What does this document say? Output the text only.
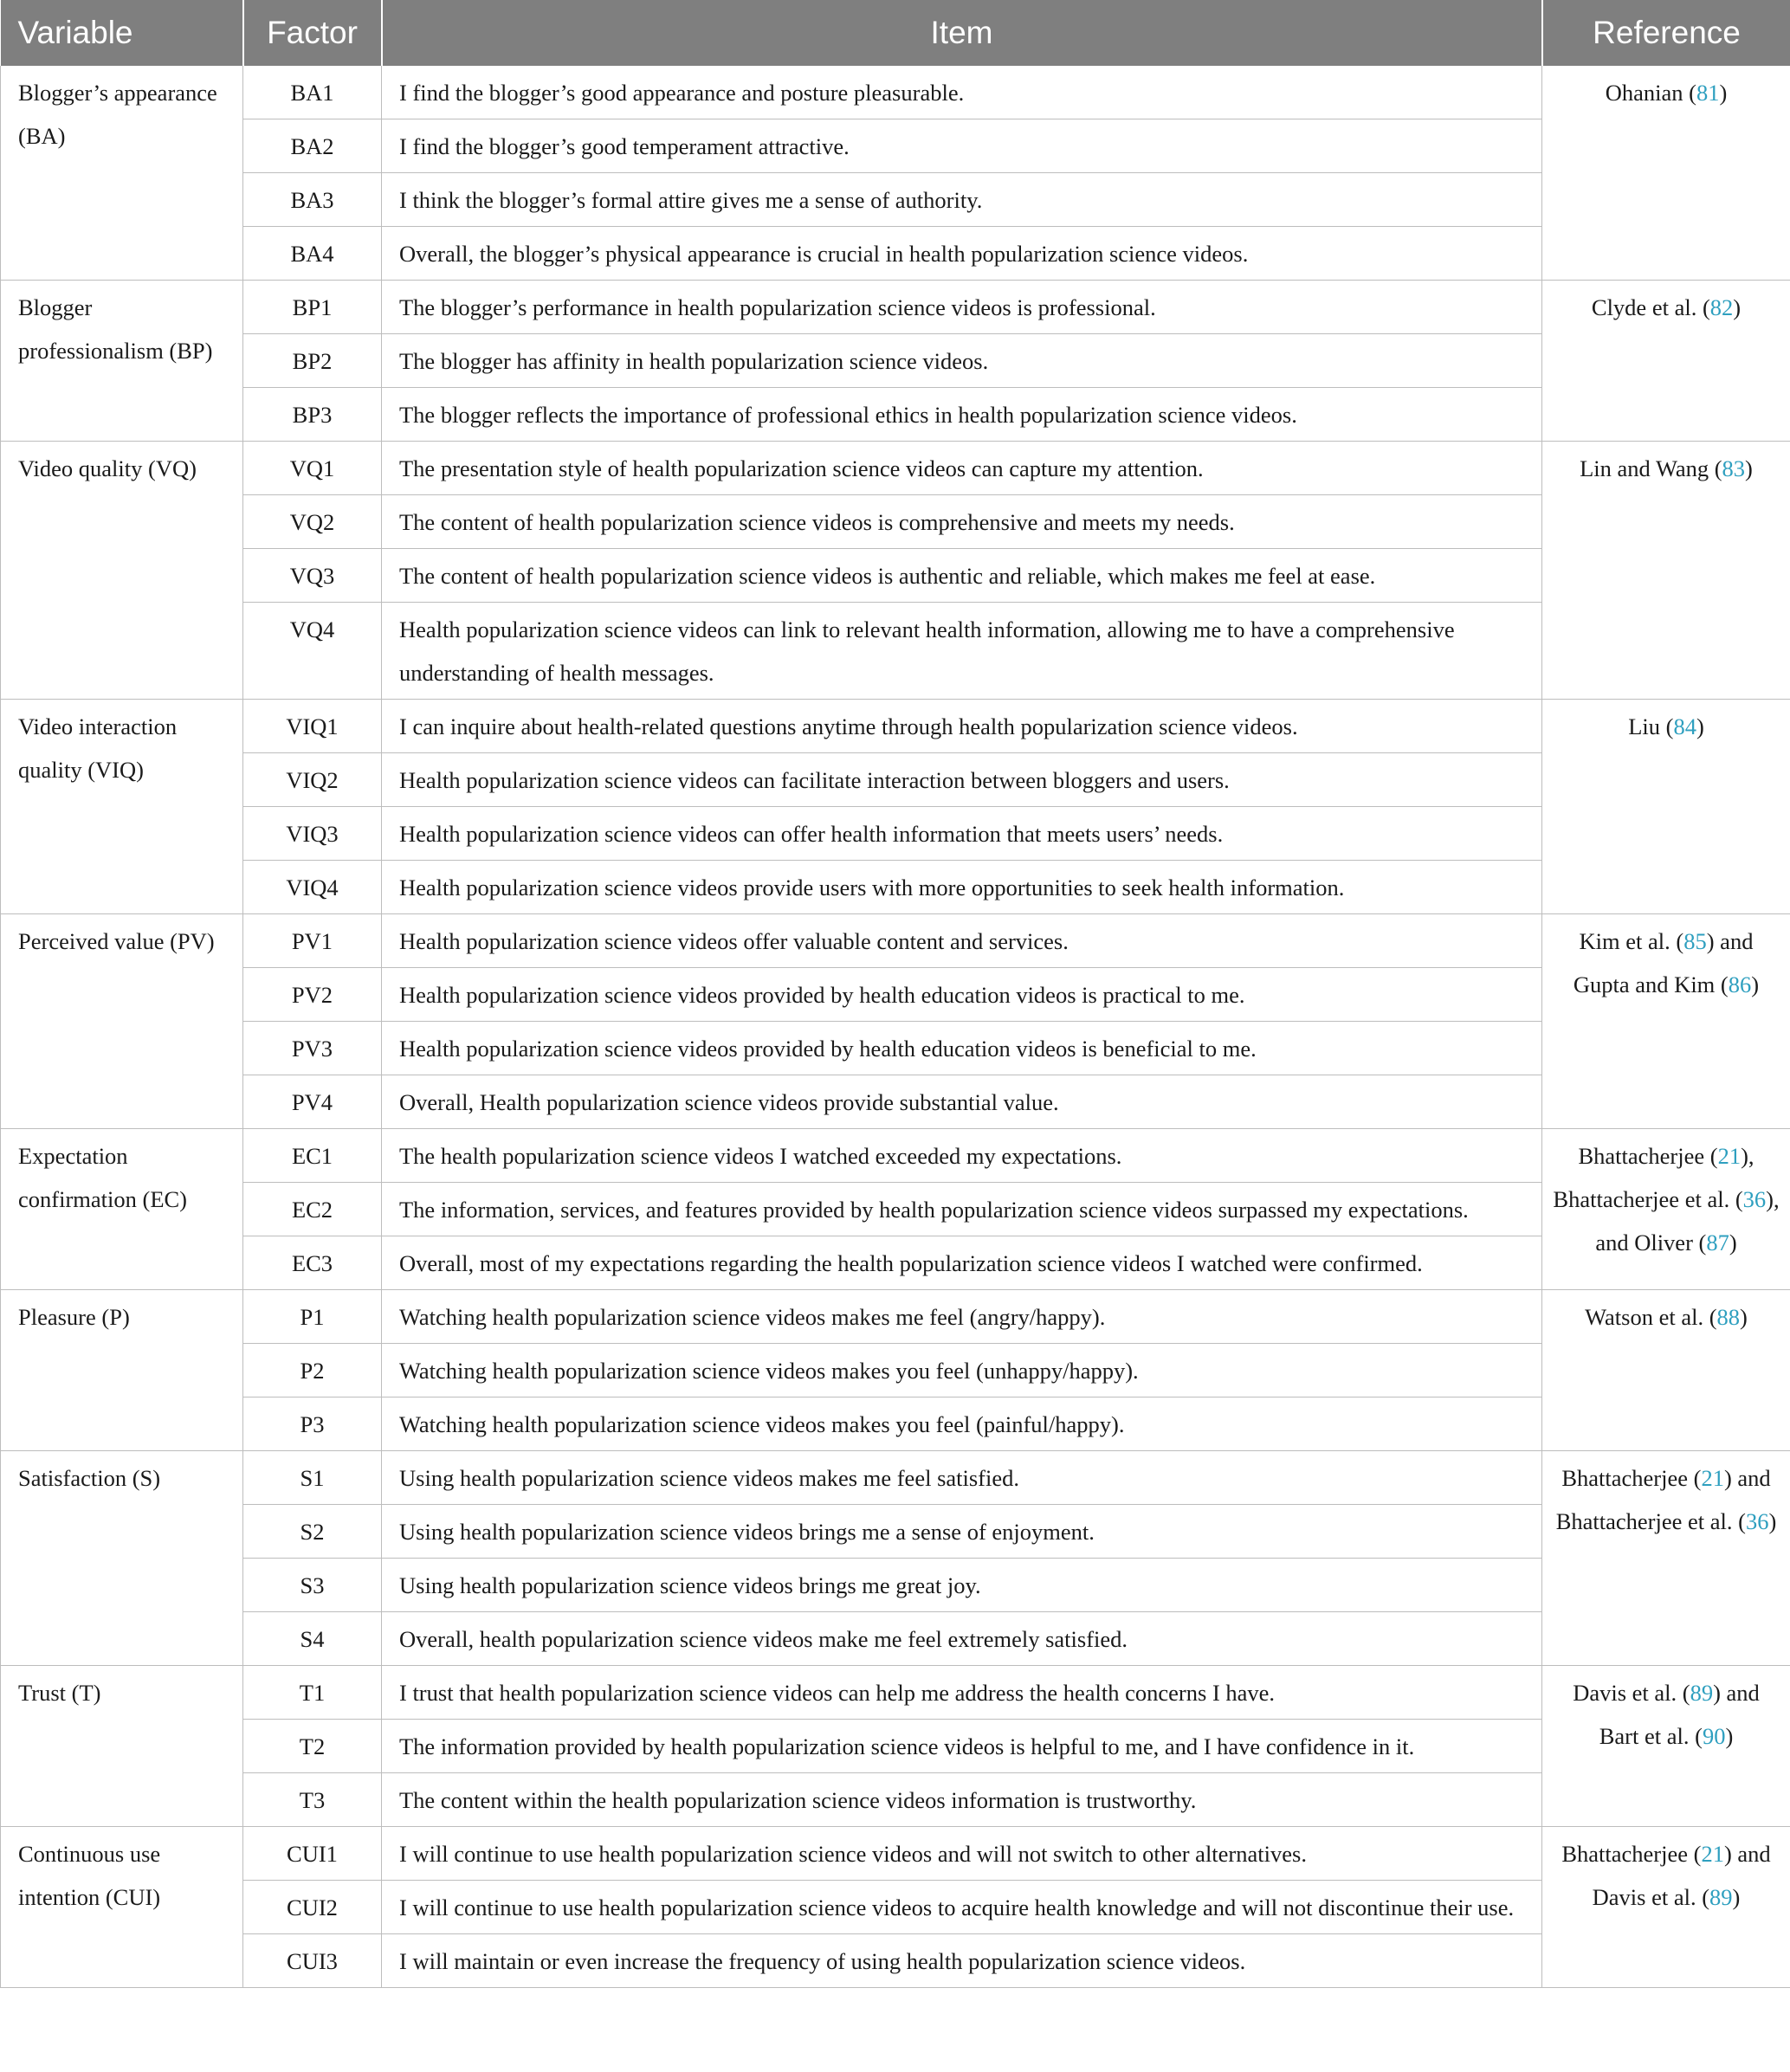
Variable	Factor	Item	Reference
Blogger’s appearance (BA)	BA1	I find the blogger’s good appearance and posture pleasurable.	Ohanian (81)
	BA2	I find the blogger’s good temperament attractive.	
	BA3	I think the blogger’s formal attire gives me a sense of authority.	
	BA4	Overall, the blogger’s physical appearance is crucial in health popularization science videos.	
Blogger professionalism (BP)	BP1	The blogger’s performance in health popularization science videos is professional.	Clyde et al. (82)
	BP2	The blogger has affinity in health popularization science videos.	
	BP3	The blogger reflects the importance of professional ethics in health popularization science videos.	
Video quality (VQ)	VQ1	The presentation style of health popularization science videos can capture my attention.	Lin and Wang (83)
	VQ2	The content of health popularization science videos is comprehensive and meets my needs.	
	VQ3	The content of health popularization science videos is authentic and reliable, which makes me feel at ease.	
	VQ4	Health popularization science videos can link to relevant health information, allowing me to have a comprehensive understanding of health messages.	
Video interaction quality (VIQ)	VIQ1	I can inquire about health-related questions anytime through health popularization science videos.	Liu (84)
	VIQ2	Health popularization science videos can facilitate interaction between bloggers and users.	
	VIQ3	Health popularization science videos can offer health information that meets users’ needs.	
	VIQ4	Health popularization science videos provide users with more opportunities to seek health information.	
Perceived value (PV)	PV1	Health popularization science videos offer valuable content and services.	Kim et al. (85) and Gupta and Kim (86)
	PV2	Health popularization science videos provided by health education videos is practical to me.	
	PV3	Health popularization science videos provided by health education videos is beneficial to me.	
	PV4	Overall, Health popularization science videos provide substantial value.	
Expectation confirmation (EC)	EC1	The health popularization science videos I watched exceeded my expectations.	Bhattacherjee (21), Bhattacherjee et al. (36), and Oliver (87)
	EC2	The information, services, and features provided by health popularization science videos surpassed my expectations.	
	EC3	Overall, most of my expectations regarding the health popularization science videos I watched were confirmed.	
Pleasure (P)	P1	Watching health popularization science videos makes me feel (angry/happy).	Watson et al. (88)
	P2	Watching health popularization science videos makes you feel (unhappy/happy).	
	P3	Watching health popularization science videos makes you feel (painful/happy).	
Satisfaction (S)	S1	Using health popularization science videos makes me feel satisfied.	Bhattacherjee (21) and Bhattacherjee et al. (36)
	S2	Using health popularization science videos brings me a sense of enjoyment.	
	S3	Using health popularization science videos brings me great joy.	
	S4	Overall, health popularization science videos make me feel extremely satisfied.	
Trust (T)	T1	I trust that health popularization science videos can help me address the health concerns I have.	Davis et al. (89) and Bart et al. (90)
	T2	The information provided by health popularization science videos is helpful to me, and I have confidence in it.	
	T3	The content within the health popularization science videos information is trustworthy.	
Continuous use intention (CUI)	CUI1	I will continue to use health popularization science videos and will not switch to other alternatives.	Bhattacherjee (21) and Davis et al. (89)
	CUI2	I will continue to use health popularization science videos to acquire health knowledge and will not discontinue their use.	
	CUI3	I will maintain or even increase the frequency of using health popularization science videos.	
